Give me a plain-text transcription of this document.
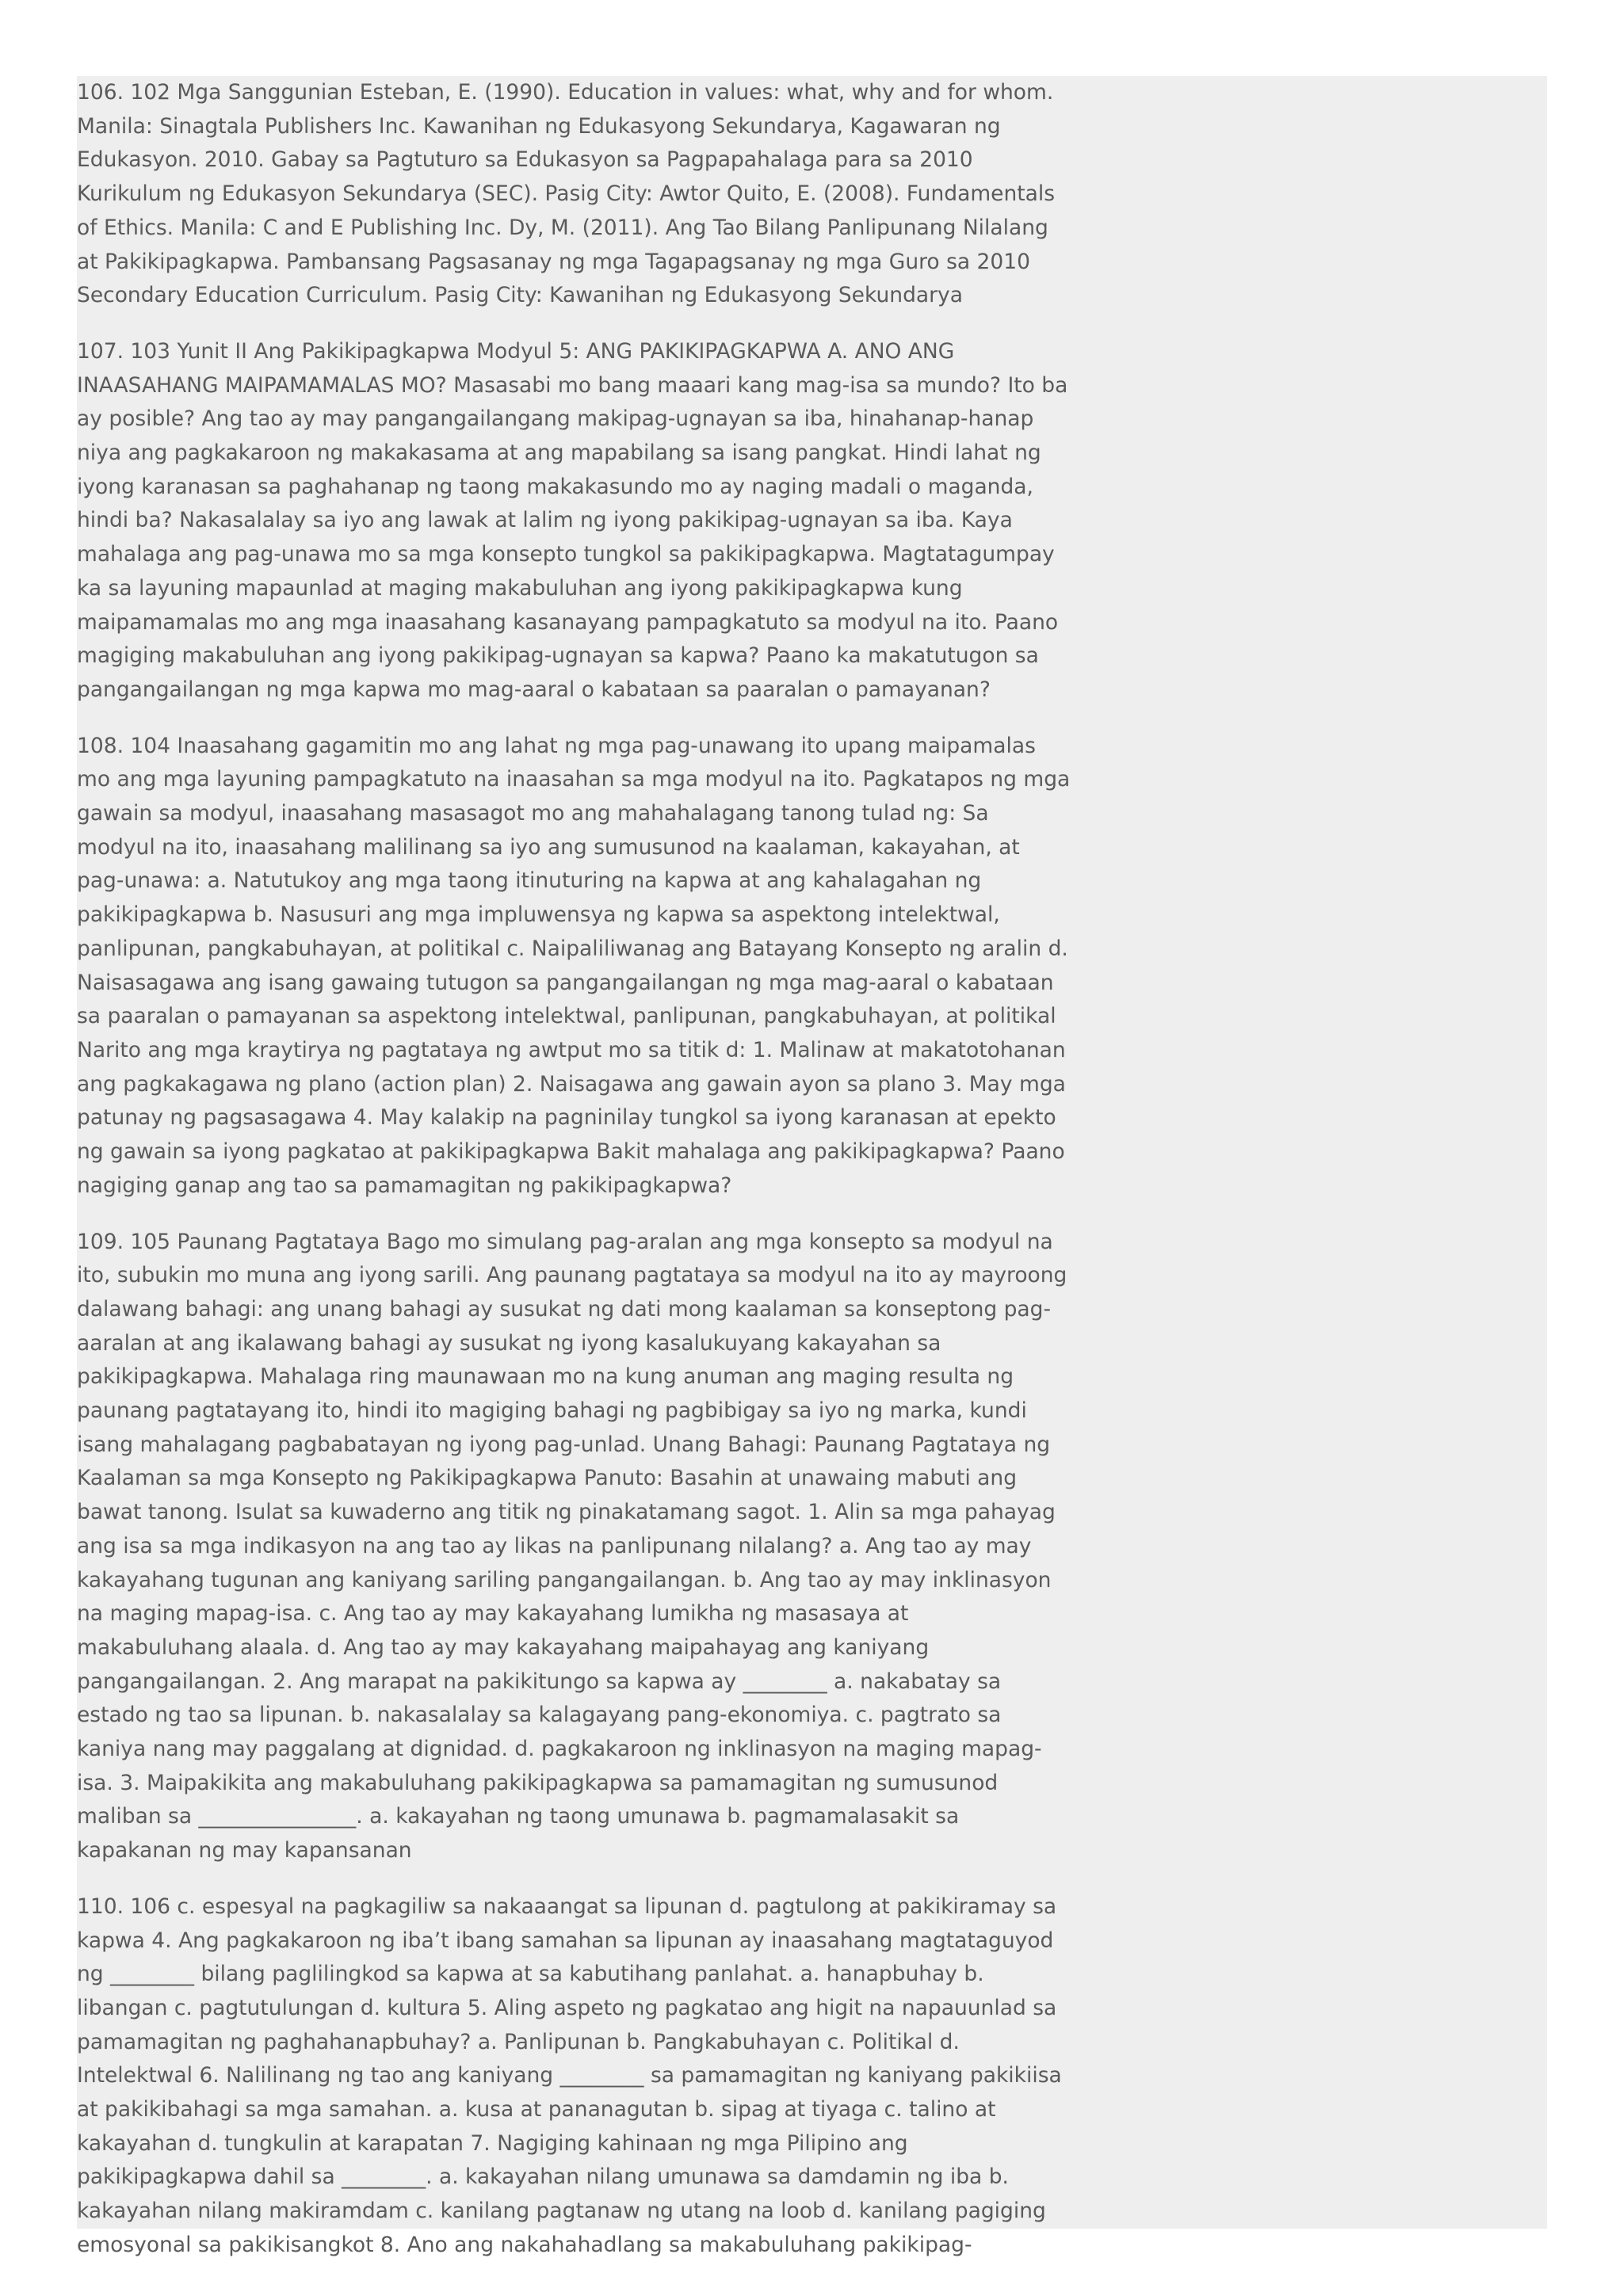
106. 102 Mga Sanggunian Esteban, E. (1990). Education in values: what, why and for whom. Manila: Sinagtala Publishers Inc. Kawanihan ng Edukasyong Sekundarya, Kagawaran ng Edukasyon. 2010. Gabay sa Pagtuturo sa Edukasyon sa Pagpapahalaga para sa 2010 Kurikulum ng Edukasyon Sekundarya (SEC). Pasig City: Awtor Quito, E. (2008). Fundamentals of Ethics. Manila: C and E Publishing Inc. Dy, M. (2011). Ang Tao Bilang Panlipunang Nilalang at Pakikipagkapwa. Pambansang Pagsasanay ng mga Tagapagsanay ng mga Guro sa 2010 Secondary Education Curriculum. Pasig City: Kawanihan ng Edukasyong Sekundarya

107. 103 Yunit II Ang Pakikipagkapwa Modyul 5: ANG PAKIKIPAGKAPWA A. ANO ANG INAASAHANG MAIPAMAMALAS MO? Masasabi mo bang maaari kang mag-isa sa mundo? Ito ba ay posible? Ang tao ay may pangangailangang makipag-ugnayan sa iba, hinahanap-hanap niya ang pagkakaroon ng makakasama at ang mapabilang sa isang pangkat. Hindi lahat ng iyong karanasan sa paghahanap ng taong makakasundo mo ay naging madali o maganda, hindi ba? Nakasalalay sa iyo ang lawak at lalim ng iyong pakikipag-ugnayan sa iba. Kaya mahalaga ang pag-unawa mo sa mga konsepto tungkol sa pakikipagkapwa. Magtatagumpay ka sa layuning mapaunlad at maging makabuluhan ang iyong pakikipagkapwa kung maipamamalas mo ang mga inaasahang kasanayang pampagkatuto sa modyul na ito. Paano magiging makabuluhan ang iyong pakikipag-ugnayan sa kapwa? Paano ka makatutugon sa pangangailangan ng mga kapwa mo mag-aaral o kabataan sa paaralan o pamayanan?

108. 104 Inaasahang gagamitin mo ang lahat ng mga pag-unawang ito upang maipamalas mo ang mga layuning pampagkatuto na inaasahan sa mga modyul na ito. Pagkatapos ng mga gawain sa modyul, inaasahang masasagot mo ang mahahalagang tanong tulad ng: Sa modyul na ito, inaasahang malilinang sa iyo ang sumusunod na kaalaman, kakayahan, at pag-unawa: a. Natutukoy ang mga taong itinuturing na kapwa at ang kahalagahan ng pakikipagkapwa b. Nasusuri ang mga impluwensya ng kapwa sa aspektong intelektwal, panlipunan, pangkabuhayan, at politikal c. Naipaliliwanag ang Batayang Konsepto ng aralin d. Naisasagawa ang isang gawaing tutugon sa pangangailangan ng mga mag-aaral o kabataan sa paaralan o pamayanan sa aspektong intelektwal, panlipunan, pangkabuhayan, at politikal Narito ang mga kraytirya ng pagtataya ng awtput mo sa titik d: 1. Malinaw at makatotohanan ang pagkakagawa ng plano (action plan) 2. Naisagawa ang gawain ayon sa plano 3. May mga patunay ng pagsasagawa 4. May kalakip na pagninilay tungkol sa iyong karanasan at epekto ng gawain sa iyong pagkatao at pakikipagkapwa Bakit mahalaga ang pakikipagkapwa? Paano nagiging ganap ang tao sa pamamagitan ng pakikipagkapwa?

109. 105 Paunang Pagtataya Bago mo simulang pag-aralan ang mga konsepto sa modyul na ito, subukin mo muna ang iyong sarili. Ang paunang pagtataya sa modyul na ito ay mayroong dalawang bahagi: ang unang bahagi ay susukat ng dati mong kaalaman sa konseptong pag-aaralan at ang ikalawang bahagi ay susukat ng iyong kasalukuyang kakayahan sa pakikipagkapwa. Mahalaga ring maunawaan mo na kung anuman ang maging resulta ng paunang pagtatayang ito, hindi ito magiging bahagi ng pagbibigay sa iyo ng marka, kundi isang mahalagang pagbabatayan ng iyong pag-unlad. Unang Bahagi: Paunang Pagtataya ng Kaalaman sa mga Konsepto ng Pakikipagkapwa Panuto: Basahin at unawaing mabuti ang bawat tanong. Isulat sa kuwaderno ang titik ng pinakatamang sagot. 1. Alin sa mga pahayag ang isa sa mga indikasyon na ang tao ay likas na panlipunang nilalang? a. Ang tao ay may kakayahang tugunan ang kaniyang sariling pangangailangan. b. Ang tao ay may inklinasyon na maging mapag-isa. c. Ang tao ay may kakayahang lumikha ng masasaya at makabuluhang alaala. d. Ang tao ay may kakayahang maipahayag ang kaniyang pangangailangan. 2. Ang marapat na pakikitungo sa kapwa ay ________ a. nakabatay sa estado ng tao sa lipunan. b. nakasalalay sa kalagayang pang-ekonomiya. c. pagtrato sa kaniya nang may paggalang at dignidad. d. pagkakaroon ng inklinasyon na maging mapag-isa. 3. Maipakikita ang makabuluhang pakikipagkapwa sa pamamagitan ng sumusunod maliban sa _______________. a. kakayahan ng taong umunawa b. pagmamalasakit sa kapakanan ng may kapansanan

110. 106 c. espesyal na pagkagiliw sa nakaaangat sa lipunan d. pagtulong at pakikiramay sa kapwa 4. Ang pagkakaroon ng iba’t ibang samahan sa lipunan ay inaasahang magtataguyod ng ________ bilang paglilingkod sa kapwa at sa kabutihang panlahat. a. hanapbuhay b. libangan c. pagtutulungan d. kultura 5. Aling aspeto ng pagkatao ang higit na napauunlad sa pamamagitan ng paghahanapbuhay? a. Panlipunan b. Pangkabuhayan c. Politikal d. Intelektwal 6. Nalilinang ng tao ang kaniyang ________ sa pamamagitan ng kaniyang pakikiisa at pakikibahagi sa mga samahan. a. kusa at pananagutan b. sipag at tiyaga c. talino at kakayahan d. tungkulin at karapatan 7. Nagiging kahinaan ng mga Pilipino ang pakikipagkapwa dahil sa ________. a. kakayahan nilang umunawa sa damdamin ng iba b. kakayahan nilang makiramdam c. kanilang pagtanaw ng utang na loob d. kanilang pagiging emosyonal sa pakikisangkot 8. Ano ang nakahahadlang sa makabuluhang pakikipag-
